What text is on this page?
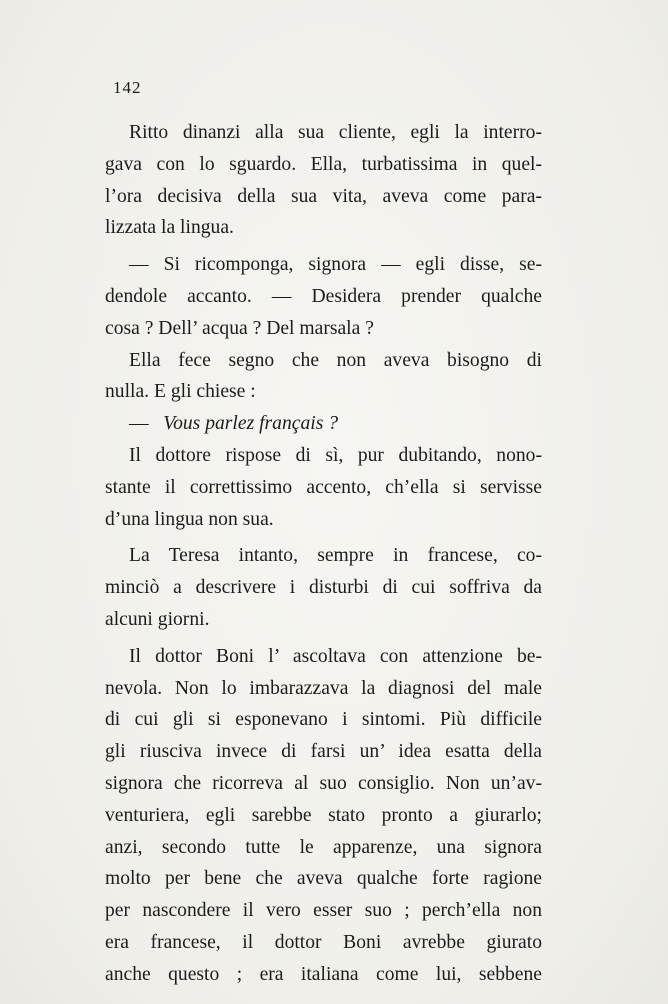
142
Ritto dinanzi alla sua cliente, egli la interro-
gava con lo sguardo. Ella, turbatissima in quel-
l’ora decisiva della sua vita, aveva come para-
lizzata la lingua.
— Si ricomponga, signora — egli disse, se-
dendole accanto. — Desidera prender qualche
cosa ? Dell’ acqua ? Del marsala ?
Ella fece segno che non aveva bisogno di
nulla. E gli chiese :
— Vous parlez français ?
Il dottore rispose di sì, pur dubitando, nono-
stante il correttissimo accento, ch’ella si servisse
d’una lingua non sua.
La Teresa intanto, sempre in francese, co-
minciò a descrivere i disturbi di cui soffriva da
alcuni giorni.
Il dottor Boni l’ ascoltava con attenzione be-
nevola. Non lo imbarazzava la diagnosi del male
di cui gli si esponevano i sintomi. Più difficile
gli riusciva invece di farsi un’ idea esatta della
signora che ricorreva al suo consiglio. Non un’av-
venturiera, egli sarebbe stato pronto a giurarlo;
anzi, secondo tutte le apparenze, una signora
molto per bene che aveva qualche forte ragione
per nascondere il vero esser suo ; perch’ella non
era francese, il dottor Boni avrebbe giurato
anche questo ; era italiana come lui, sebbene
